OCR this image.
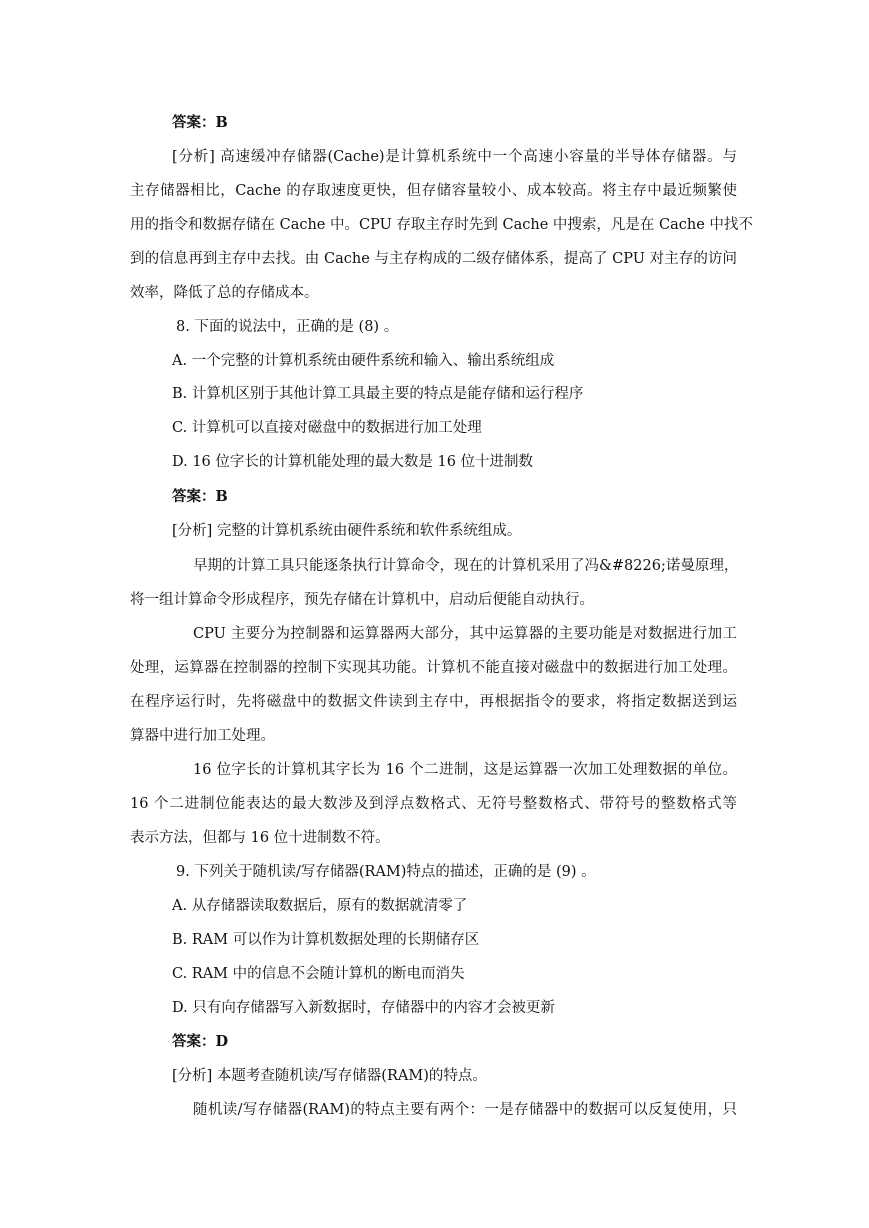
答案：B
[分析] 高速缓冲存储器(Cache)是计算机系统中一个高速小容量的半导体存储器。与
主存储器相比，Cache 的存取速度更快，但存储容量较小、成本较高。将主存中最近频繁使
用的指令和数据存储在 Cache 中。CPU 存取主存时先到 Cache 中搜索，凡是在 Cache 中找不
到的信息再到主存中去找。由 Cache 与主存构成的二级存储体系，提高了 CPU 对主存的访问
效率，降低了总的存储成本。
8. 下面的说法中，正确的是 (8) 。
A. 一个完整的计算机系统由硬件系统和输入、输出系统组成
B. 计算机区别于其他计算工具最主要的特点是能存储和运行程序
C. 计算机可以直接对磁盘中的数据进行加工处理
D. 16 位字长的计算机能处理的最大数是 16 位十进制数
答案：B
[分析] 完整的计算机系统由硬件系统和软件系统组成。
早期的计算工具只能逐条执行计算命令，现在的计算机采用了冯&#8226;诺曼原理，
将一组计算命令形成程序，预先存储在计算机中，启动后便能自动执行。
CPU 主要分为控制器和运算器两大部分，其中运算器的主要功能是对数据进行加工
处理，运算器在控制器的控制下实现其功能。计算机不能直接对磁盘中的数据进行加工处理。
在程序运行时，先将磁盘中的数据文件读到主存中，再根据指令的要求，将指定数据送到运
算器中进行加工处理。
16 位字长的计算机其字长为 16 个二进制，这是运算器一次加工处理数据的单位。
16 个二进制位能表达的最大数涉及到浮点数格式、无符号整数格式、带符号的整数格式等
表示方法，但都与 16 位十进制数不符。
9. 下列关于随机读/写存储器(RAM)特点的描述，正确的是 (9) 。
A. 从存储器读取数据后，原有的数据就清零了
B. RAM 可以作为计算机数据处理的长期储存区
C. RAM 中的信息不会随计算机的断电而消失
D. 只有向存储器写入新数据时，存储器中的内容才会被更新
答案：D
[分析] 本题考查随机读/写存储器(RAM)的特点。
随机读/写存储器(RAM)的特点主要有两个：一是存储器中的数据可以反复使用，只
